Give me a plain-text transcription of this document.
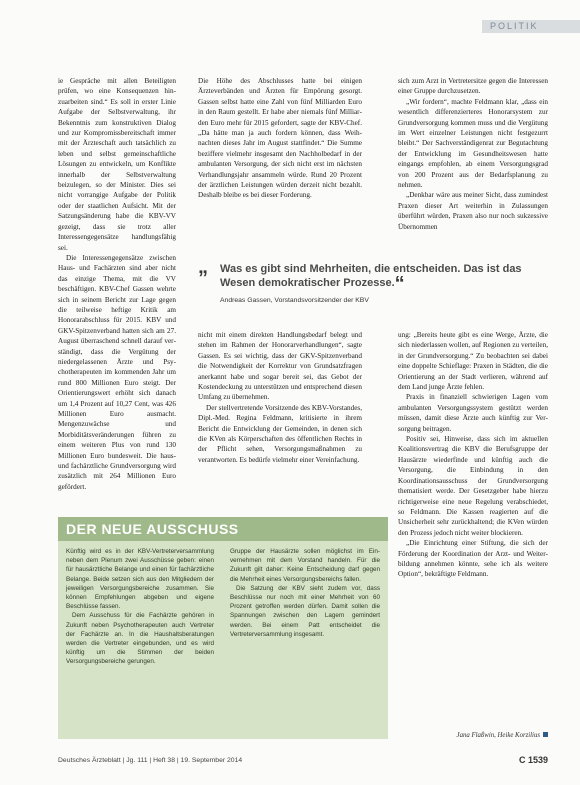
POLITIK

ie Gespräche mit allen Beteiligten prüfen, wo eine Konsequenzen hinzuarbeiten sind.“ Es soll in erster Linie Aufgabe der Selbstverwaltung, ihr Bekenntnis zum konstruktiven Dialog und zur Kompromissbereitschaft immer mit der Ärzteschaft auch tatsächlich zu leben und selbst gemeinschaftliche Lösungen zu entwickeln, um Konflikte innerhalb der Selbstverwaltung beizulegen, so der Minister. Dies sei nicht vorrangige Aufgabe der Politik oder der staatlichen Aufsicht. Mit der Satzungsänderung habe die KBV-VV gezeigt, dass sie trotz aller Interessengegensätze handlungsfähig sei.

Die Interessengegensätze zwischen Haus- und Fachärzten sind aber nicht das einzige Thema, mit die VV beschäftigen. KBV-Chef Gassen wehrte sich in seinem Bericht zur Lage gegen die teilweise heftige Kritik am Honorarabschluss für 2015. KBV und GKV-Spitzenverband hatten sich am 27. August überraschend schnell darauf verständigt, dass die Vergütung der niedergelassenen Ärzte und Psychotherapeuten im kommenden Jahr um rund 800 Millionen Euro steigt. Der Orientierungswert erhöht sich danach um 1,4 Prozent auf 10,27 Cent, was 426 Millionen Euro ausmacht. Mengenzuwächse und Morbiditätsveränderungen führen zu einem weiteren Plus von rund 130 Millionen Euro bundesweit. Die haus- und fachärztliche Grundversorgung wird zusätzlich mit 264 Millionen Euro gefördert.

Die Höhe des Abschlusses hatte bei einigen Ärzteverbänden und Ärzten für Empörung gesorgt. Gassen selbst hatte eine Zahl von fünf Milliarden Euro in den Raum gestellt. Er habe aber niemals fünf Milliarden Euro mehr für 2015 gefordert, sagte der KBV-Chef. „Da hätte man ja auch fordern können, dass Weihnachten dieses Jahr im August stattfindet.“ Die Summe beziffere vielmehr insgesamt den Nachholbedarf in der ambulanten Versorgung, der sich nicht erst im nächsten Verhandlungsjahr ansammeln würde. Rund 20 Prozent der ärztlichen Leistungen würden derzeit nicht bezahlt. Deshalb bleibe es bei dieser Forderung.

sich zum Arzt in Vertretersitze gegen die Interessen einer Gruppe durchzusetzen.

„Wir fordern“, machte Feldmann klar, „dass ein wesentlich differenzierteres Honorarsystem zur Grundversorgung kommen muss und die Vergütung im Wert einzelner Leistungen nicht festgezurrt bleibt.“ Der Sachverständigenrat zur Begutachtung der Entwicklung im Gesundheitswesen hatte eingangs empfohlen, ab einem Versorgungsgrad von 200 Prozent aus der Bedarfsplanung zu nehmen.

„Denkbar wäre aus meiner Sicht, dass zumindest Praxen dieser Art weiterhin in Zulassungen überführt würden, Praxen also nur noch sukzessive Übernommen

„ Was es gibt sind Mehrheiten, die entscheiden. Das ist das Wesen demokratischer Prozesse.“
Andreas Gassen, Vorstandsvorsitzender der KBV

nicht mit einem direkten Handlungsbedarf belegt und stehen im Rahmen der Honorarverhandlungen“, sagte Gassen. Es sei wichtig, dass der GKV-Spitzenverband die Notwendigkeit der Korrektur von Grundsatzfragen anerkannt habe und sogar bereit sei, das Gebot der Kostendeckung zu unterstützen und entsprechend diesen Umfang zu übernehmen.

Der stellvertretende Vorsitzende des KBV-Vorstandes, Dipl.-Med. Regina Feldmann, kritisierte in ihrem Bericht die Entwicklung der Gemeinden, in denen sich die KVen als Körperschaften des öffentlichen Rechts in der Pflicht sehen, Versorgungsmaßnahmen zu verantworten. Es bedürfe vielmehr einer Vereinfachung.

ung: „Bereits heute gibt es eine Werge, Ärzte, die sich niederlassen wollen, auf Regionen zu verteilen, in der Grundversorgung.“ Zu beobachten sei dabei eine doppelte Schieflage: Praxen in Städten, die die Orientierung an der Stadt verlieren, während auf dem Land junge Ärzte fehlen.

Praxis in finanziell schwierigen Lagen vom ambulanten Versorgungssystem gestützt werden müssen, damit diese Ärzte auch künftig zur Versorgung beitragen.

Positiv sei, Hinweise, dass sich im aktuellen Koalitionsvertrag die KBV die Berufsgruppe der Hausärzte wiederfinde und künftig auch die Versorgung, die Einbindung in den Koordinationsausschuss der Grundversorgung thematisiert werde. Der Gesetzgeber habe hierzu richtigerweise eine neue Regelung verabschiedet, so Feldmann. Die Kassen reagierten auf die Unsicherheit sehr zurückhaltend; die KVen würden den Prozess jedoch nicht weiter blockieren.

„Die Einrichtung einer Stiftung, die sich der Förderung der Koordination der Arzt- und Weiterbildung annehmen könnte, sehe ich als weitere Option“, bekräftigte Feldmann.

DER NEUE AUSSCHUSS

Künftig wird es in der KBV-Vertreterversammlung neben dem Plenum zwei Ausschüsse geben: einen für hausärztliche Belange und einen für fachärztliche Belange. Beide setzen sich aus den Mitgliedern der jeweiligen Versorgungsbereiche zusammen. Sie können Empfehlungen abgeben und eigene Beschlüsse fassen.

Dem Ausschuss für die Fachärzte gehören in Zukunft neben Psychotherapeuten auch Vertreter der Fachärzte an. In die Haushaltsberatungen werden die Vertreter eingebunden, und es wird künftig um die Stimmen der beiden Versorgungsbereiche gerungen.

Gruppe der Hausärzte sollen möglichst im Einvernehmen mit dem Vorstand handeln. Für die Zukunft gilt daher: Keine Entscheidung darf gegen die Mehrheit eines Versorgungsbereichs fallen.

Die Satzung der KBV sieht zudem vor, dass Beschlüsse nur noch mit einer Mehrheit von 60 Prozent getroffen werden dürfen. Damit sollen die Spannungen zwischen den Lagern gemindert werden. Bei einem Patt entscheidet die Vertreterversammlung insgesamt.

Jana Flaßwin, Heike Korzilius
Deutsches Ärzteblatt | Jg. 111 | Heft 38 | 19. September 2014	C 1539
